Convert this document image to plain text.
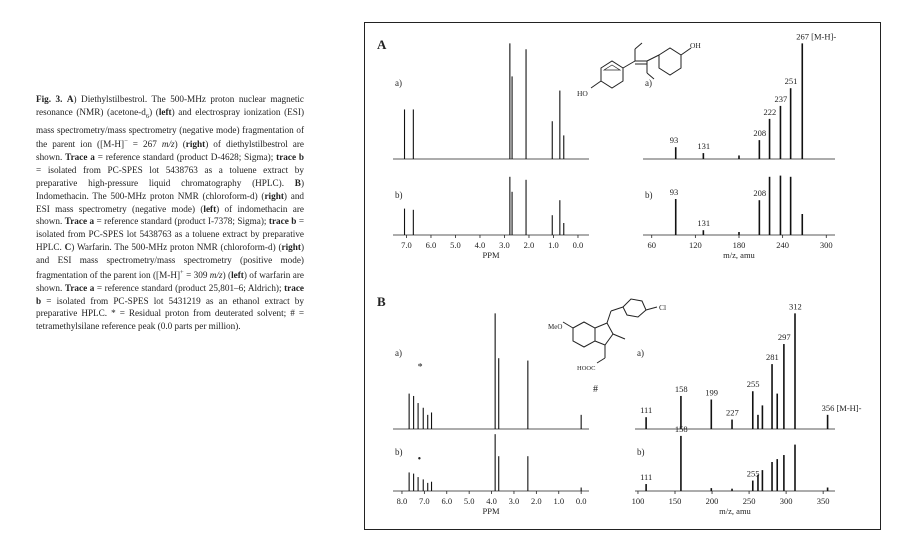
Fig. 3. A) Diethylstilbestrol. The 500-MHz proton nuclear magnetic resonance (NMR) $(acetone-d_6)$ (left) and electrospray ionization (ESI) mass spectrometry/mass spectrometry (negative mode) fragmentation of the parent ion ([M-H]− = 267 m/z) (right) of diethylstilbestrol are shown. Trace a = reference standard (product D-4628; Sigma); trace b = isolated from PC-SPES lot 5438763 as a toluene extract by preparative high-pressure liquid chromatography (HPLC). B) Indomethacin. The 500-MHz proton NMR (chloroform-d) (right) and ESI mass spectrometry (negative mode) (left) of indomethacin are shown. Trace a = reference standard (product I-7378; Sigma); trace b = isolated from PC-SPES lot 5438763 as a toluene extract by preparative HPLC. C) Warfarin. The 500-MHz proton NMR (chloroform-d) (right) and ESI mass spectrometry/mass spectrometry (positive mode) fragmentation of the parent ion ([M-H]+ = 309 m/z) (left) of warfarin are shown. Trace a = reference standard (product 25,801–6; Aldrich); trace b = isolated from PC-SPES lot 5431219 as an ethanol extract by preparative HPLC. * = Residual proton from deuterated solvent; # = tetramethylsilane reference peak (0.0 parts per million).
A
B
HO
OH
MeO
HOOC
Cl
#
a)
b)
7.0 6.0 5.0 4.0 3.0 2.0 1.0 0.0
PPM
a)
93
131
208
222
237
251
267 [M-H]-
b) 93
131
208
60	120	180	240	300
m/z, amu
a)
*
b)
•
8.0 7.0 6.0 5.0 4.0 3.0 2.0 1.0 0.0
PPM
a)
111
158 199
227
255
281
297
312
356 [M-H]-
b)
111
158
255
100	150	200	250	300	350
m/z, amu
